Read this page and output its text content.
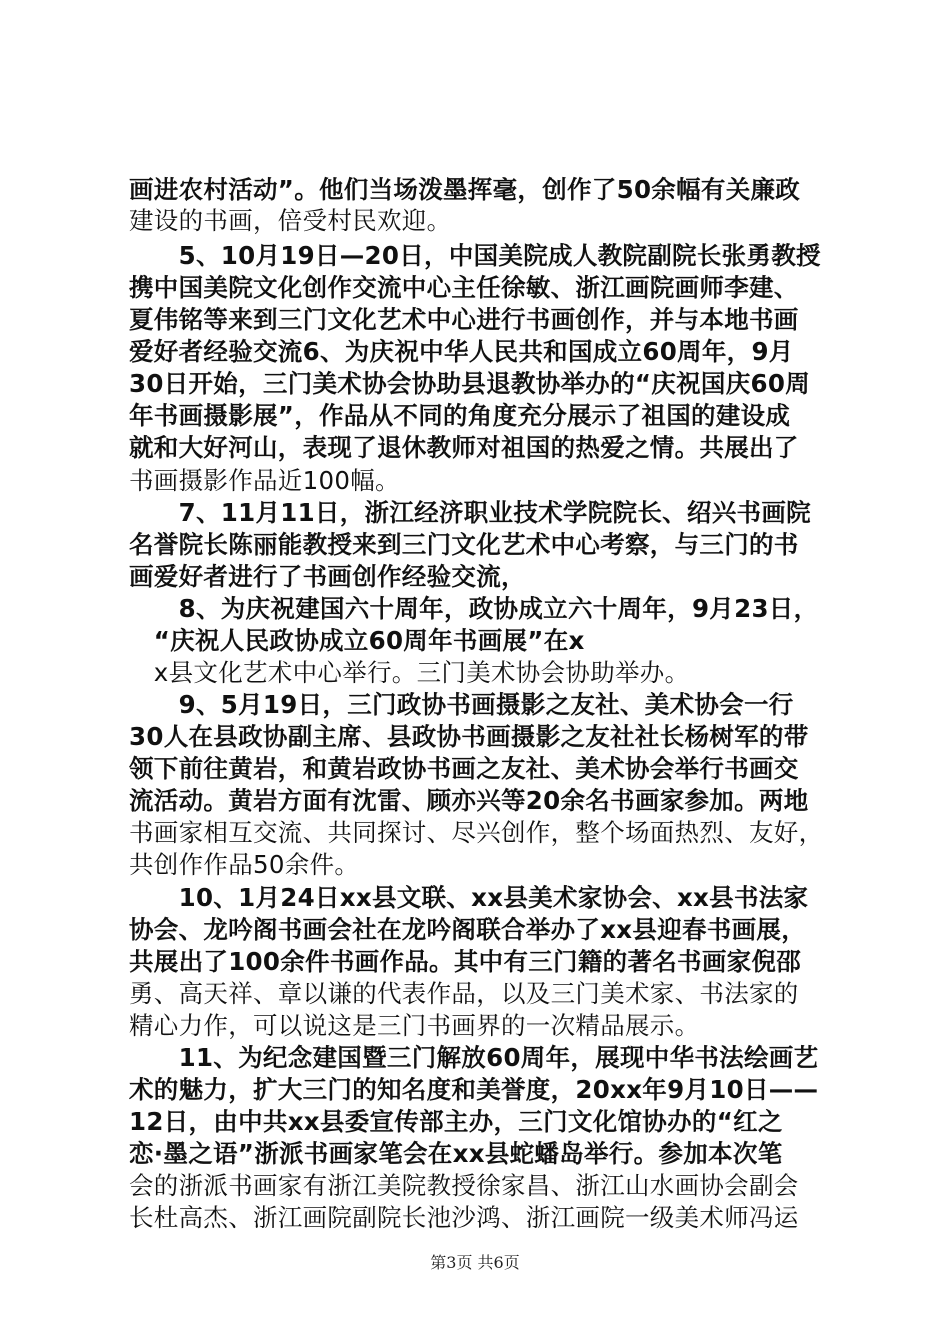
画进农村活动”。他们当场泼墨挥毫，创作了50余幅有关廉政
建设的书画，倍受村民欢迎。
　　5、10月19日—20日，中国美院成人教院副院长张勇教授
携中国美院文化创作交流中心主任徐敏、浙江画院画师李建、
夏伟铭等来到三门文化艺术中心进行书画创作，并与本地书画
爱好者经验交流6、为庆祝中华人民共和国成立60周年，9月
30日开始，三门美术协会协助县退教协举办的“庆祝国庆60周
年书画摄影展”，作品从不同的角度充分展示了祖国的建设成
就和大好河山，表现了退休教师对祖国的热爱之情。共展出了
书画摄影作品近100幅。
　　7、11月11日，浙江经济职业技术学院院长、绍兴书画院
名誉院长陈丽能教授来到三门文化艺术中心考察，与三门的书
画爱好者进行了书画创作经验交流，
　　8、为庆祝建国六十周年，政协成立六十周年，9月23日，
　“庆祝人民政协成立60周年书画展”在x
　x县文化艺术中心举行。三门美术协会协助举办。
　　9、5月19日，三门政协书画摄影之友社、美术协会一行
30人在县政协副主席、县政协书画摄影之友社社长杨树军的带
领下前往黄岩，和黄岩政协书画之友社、美术协会举行书画交
流活动。黄岩方面有沈雷、顾亦兴等20余名书画家参加。两地
书画家相互交流、共同探讨、尽兴创作，整个场面热烈、友好，
共创作作品50余件。
　　10、1月24日xx县文联、xx县美术家协会、xx县书法家
协会、龙吟阁书画会社在龙吟阁联合举办了xx县迎春书画展，
共展出了100余件书画作品。其中有三门籍的著名书画家倪邵
勇、高天祥、章以谦的代表作品，以及三门美术家、书法家的
精心力作，可以说这是三门书画界的一次精品展示。
　　11、为纪念建国暨三门解放60周年，展现中华书法绘画艺
术的魅力，扩大三门的知名度和美誉度，20xx年9月10日——
12日，由中共xx县委宣传部主办，三门文化馆协办的“红之
恋·墨之语”浙派书画家笔会在xx县蛇蟠岛举行。参加本次笔
会的浙派书画家有浙江美院教授徐家昌、浙江山水画协会副会
长杜高杰、浙江画院副院长池沙鸿、浙江画院一级美术师冯运
第3页 共6页
